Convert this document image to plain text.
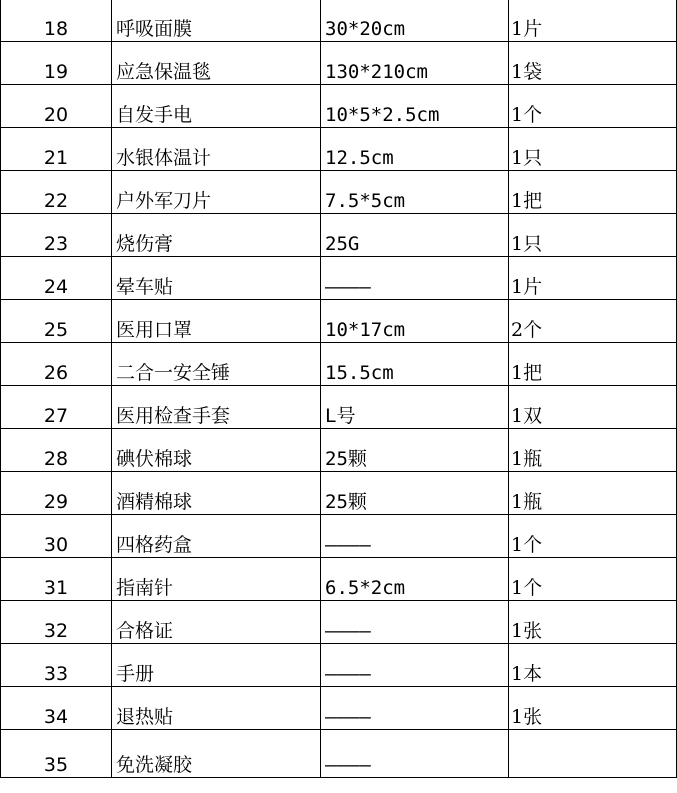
18	呼吸面膜	30*20cm	1片
19	应急保温毯	130*210cm	1袋
20	自发手电	10*5*2.5cm	1个
21	水银体温计	12.5cm	1只
22	户外军刀片	7.5*5cm	1把
23	烧伤膏	25G	1只
24	晕车贴	————	1片
25	医用口罩	10*17cm	2个
26	二合一安全锤	15.5cm	1把
27	医用检查手套	L号	1双
28	碘伏棉球	25颗	1瓶
29	酒精棉球	25颗	1瓶
30	四格药盒	————	1个
31	指南针	6.5*2cm	1个
32	合格证	————	1张
33	手册	————	1本
34	退热贴	————	1张
35	免洗凝胶	————	
